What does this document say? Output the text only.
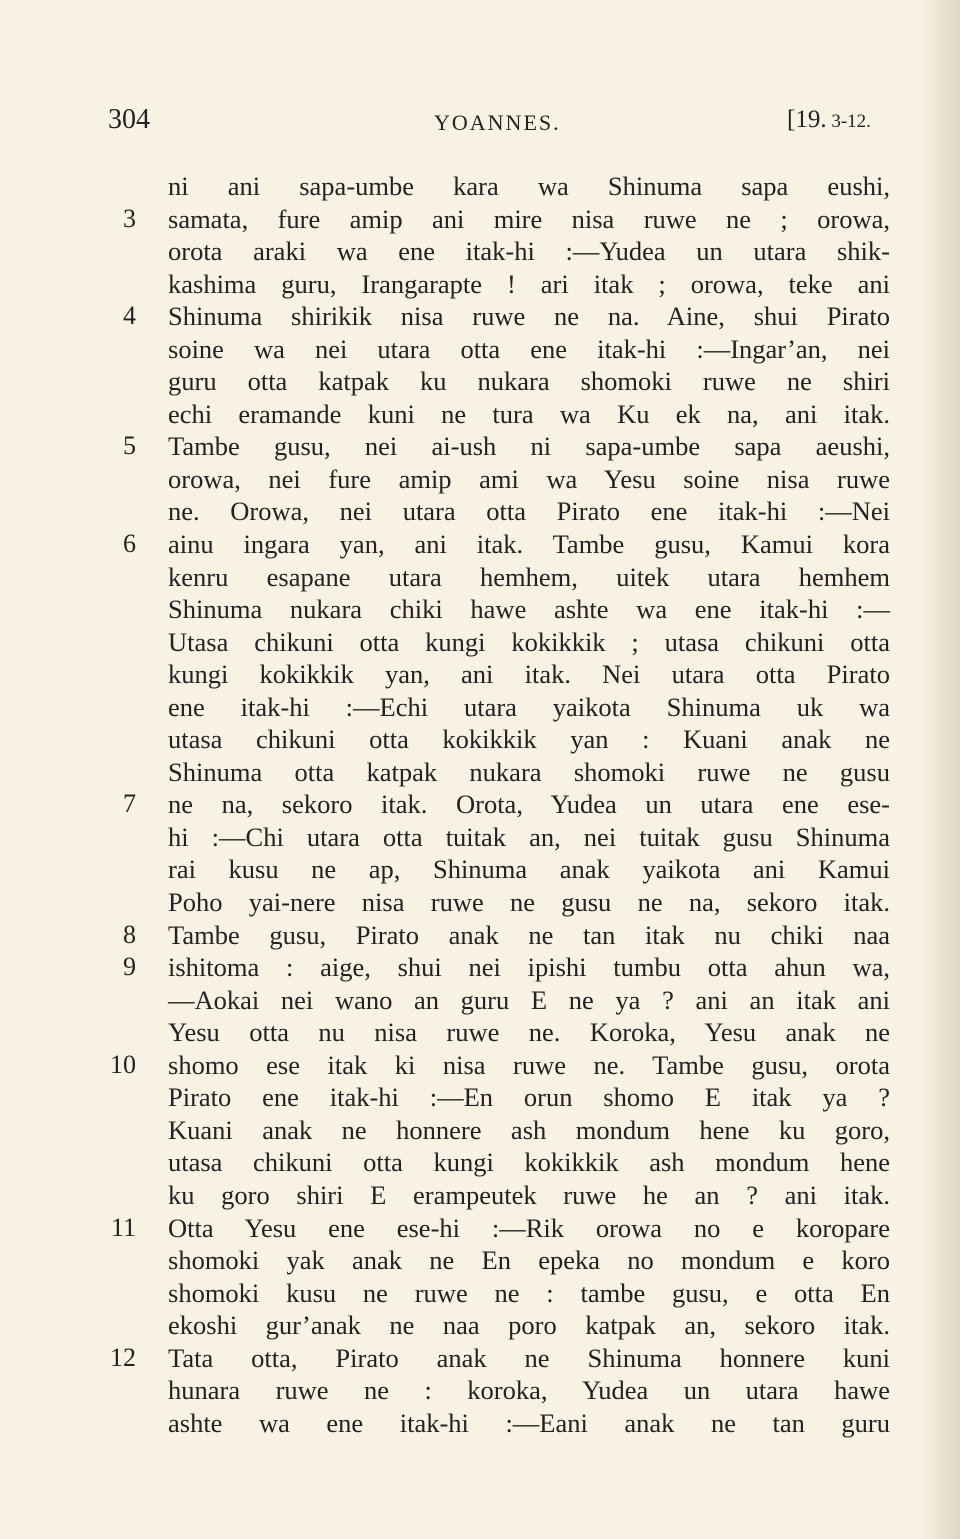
304	YOANNES.	[19. 3-12.
ni ani sapa-umbe kara wa Shinuma sapa eushi,
3 samata, fure amip ani mire nisa ruwe ne ; orowa,
orota araki wa ene itak-hi :—Yudea un utara shik-
kashima guru, Irangarapte ! ari itak ; orowa, teke ani
4 Shinuma shirikik nisa ruwe ne na. Aine, shui Pirato
soine wa nei utara otta ene itak-hi :—Ingar’an, nei
guru otta katpak ku nukara shomoki ruwe ne shiri
echi eramande kuni ne tura wa Ku ek na, ani itak.
5 Tambe gusu, nei ai-ush ni sapa-umbe sapa aeushi,
orowa, nei fure amip ami wa Yesu soine nisa ruwe
ne. Orowa, nei utara otta Pirato ene itak-hi :—Nei
6 ainu ingara yan, ani itak. Tambe gusu, Kamui kora
kenru esapane utara hemhem, uitek utara hemhem
Shinuma nukara chiki hawe ashte wa ene itak-hi :—
Utasa chikuni otta kungi kokikkik ; utasa chikuni otta
kungi kokikkik yan, ani itak. Nei utara otta Pirato
ene itak-hi :—Echi utara yaikota Shinuma uk wa
utasa chikuni otta kokikkik yan : Kuani anak ne
Shinuma otta katpak nukara shomoki ruwe ne gusu
7 ne na, sekoro itak. Orota, Yudea un utara ene ese-
hi :—Chi utara otta tuitak an, nei tuitak gusu Shinuma
rai kusu ne ap, Shinuma anak yaikota ani Kamui
Poho yai-nere nisa ruwe ne gusu ne na, sekoro itak.
8 Tambe gusu, Pirato anak ne tan itak nu chiki naa
9 ishitoma : aige, shui nei ipishi tumbu otta ahun wa,
—Aokai nei wano an guru E ne ya ? ani an itak ani
Yesu otta nu nisa ruwe ne. Koroka, Yesu anak ne
10 shomo ese itak ki nisa ruwe ne. Tambe gusu, orota
Pirato ene itak-hi :—En orun shomo E itak ya ?
Kuani anak ne honnere ash mondum hene ku goro,
utasa chikuni otta kungi kokikkik ash mondum hene
ku goro shiri E erampeutek ruwe he an ? ani itak.
11 Otta Yesu ene ese-hi :—Rik orowa no e koropare
shomoki yak anak ne En epeka no mondum e koro
shomoki kusu ne ruwe ne : tambe gusu, e otta En
ekoshi gur’anak ne naa poro katpak an, sekoro itak.
12 Tata otta, Pirato anak ne Shinuma honnere kuni
hunara ruwe ne : koroka, Yudea un utara hawe
ashte wa ene itak-hi :—Eani anak ne tan guru
